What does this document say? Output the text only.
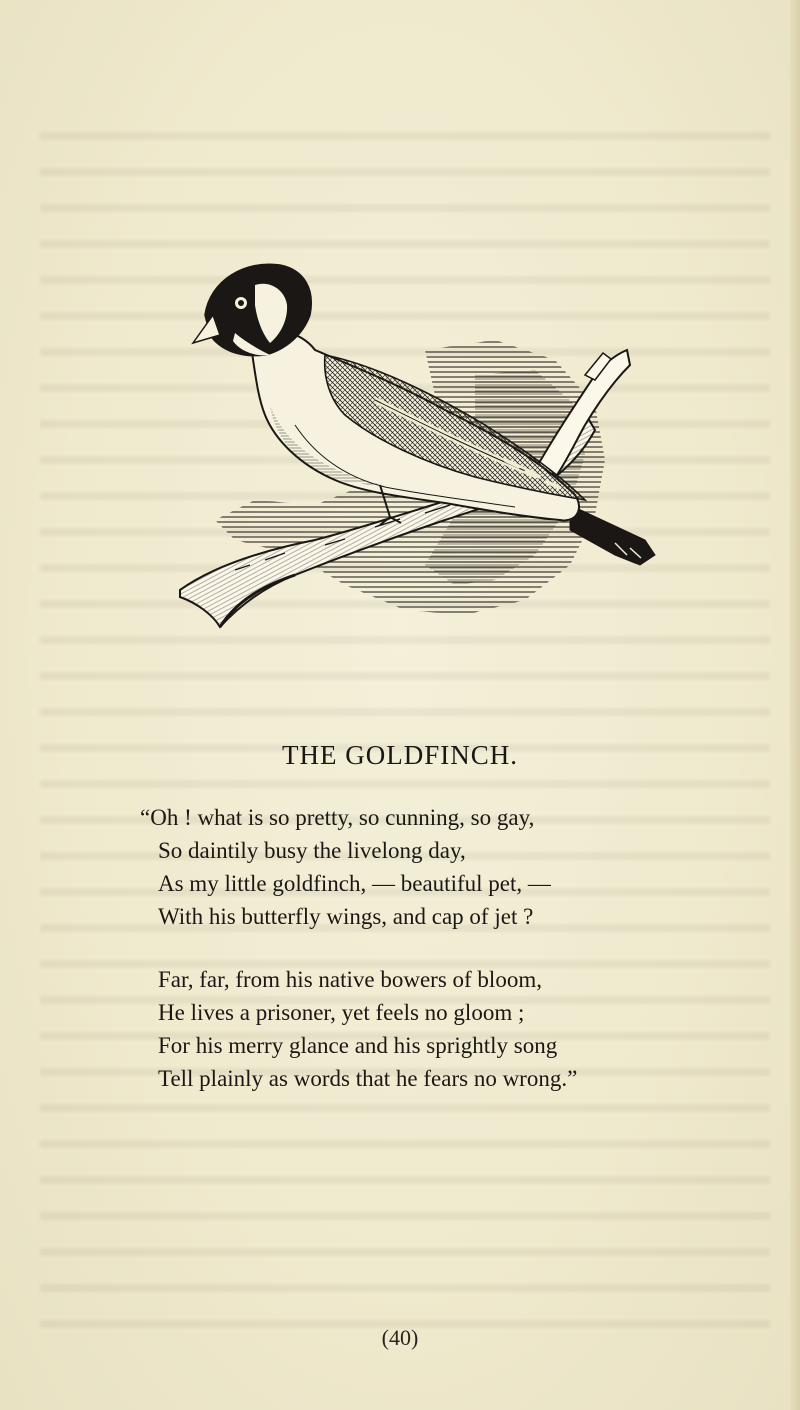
THE GOLDFINCH.

“Oh ! what is so pretty, so cunning, so gay,
So daintily busy the livelong day,
As my little goldfinch, — beautiful pet, —
With his butterfly wings, and cap of jet ?

Far, far, from his native bowers of bloom,
He lives a prisoner, yet feels no gloom ;
For his merry glance and his sprightly song
Tell plainly as words that he fears no wrong.”

(40)
